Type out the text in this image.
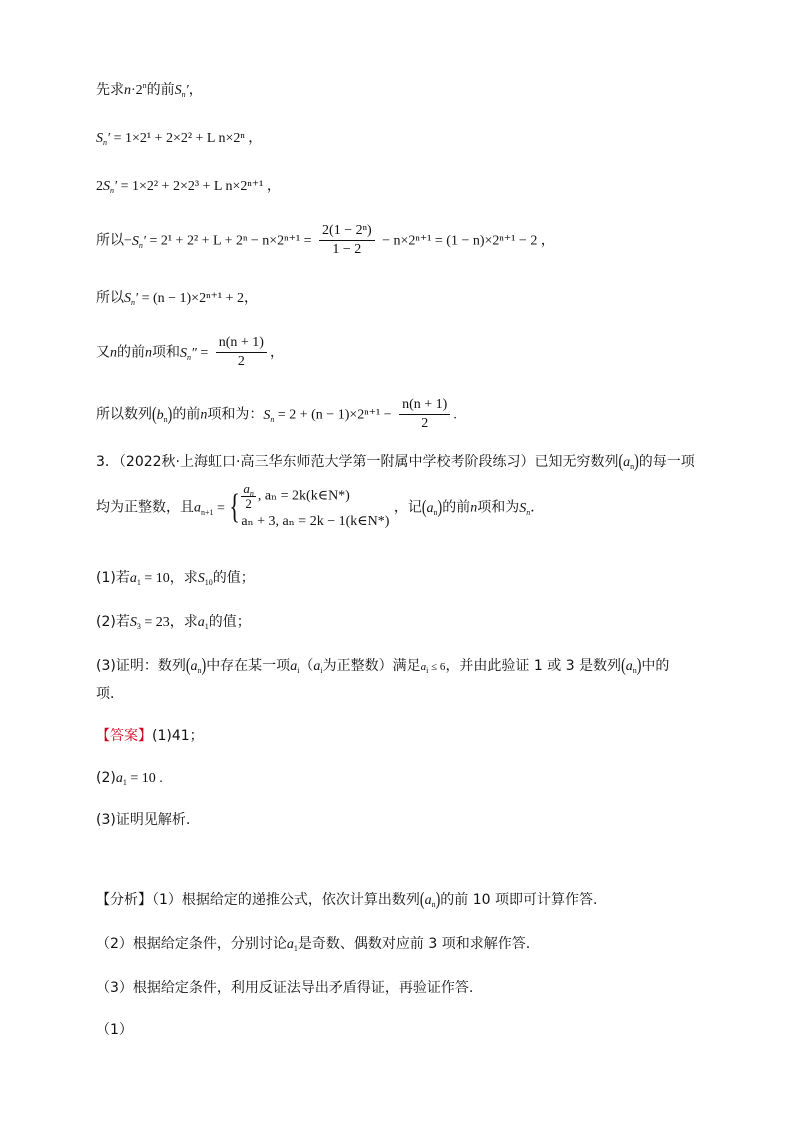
先求$n\cdot 2^n$的前$S_n'$，
$S_n' = 1\times 2^1 + 2\times 2^2 + L$ n×2ⁿ ，
$2S_n' = 1\times 2^2 + 2\times 2^3 + L$ n×2ⁿ⁺¹ ，
所以$-S_n' = 2^1 + 2^2 + L + 2^n - n\times 2^{n+1} = \frac{\text{2(1 − 2ⁿ)}}{1 - 2} - n\times 2^{n+1} = (1 - n)\times 2^{n+1} - 2$ ，
所以$S_n' = (n - 1)\times 2^{n+1} + 2$，
又n的前n项和$S_n'' = \frac{n(n + 1)}{2}$ ，
所以数列$(b_n)$的前n项和为：$S_n = 2 + (n - 1)\times 2^{n+1} - \frac{n(n + 1)}{2}$ .
3．（2022秋·上海虹口·高三华东师范大学第一附属中学校考阶段练习）已知无穷数列$(a_n)$的每一项
均为正整数，且$a_{n+1}$ = { $\frac{a_n}{2}$ , aₙ = 2k(k∈N*)
aₙ + 3, aₙ = 2k − 1(k∈N*)
，记$(a_n)$的前n项和为$S_n$．
(1)若$a_1 = 10$，求$S_{10}$的值；
(2)若$S_3 = 23$，求$a_1$的值；
(3)证明：数列$(a_n)$中存在某一项$a_i(a_i$为正整数）满足$a_i \le 6$，并由此验证 1 或 3 是数列$(a_n)$中的
项．
【答案】(1)41；
$(2)a_1 = 10$ .
(3)证明见解析.
【分析】（1）根据给定的递推公式，依次计算出数列$(a_n)$的前 10 项即可计算作答.
（2）根据给定条件，分别讨论$a_1$是奇数、偶数对应前 3 项和求解作答.
（3）根据给定条件，利用反证法导出矛盾得证，再验证作答.
（1）
